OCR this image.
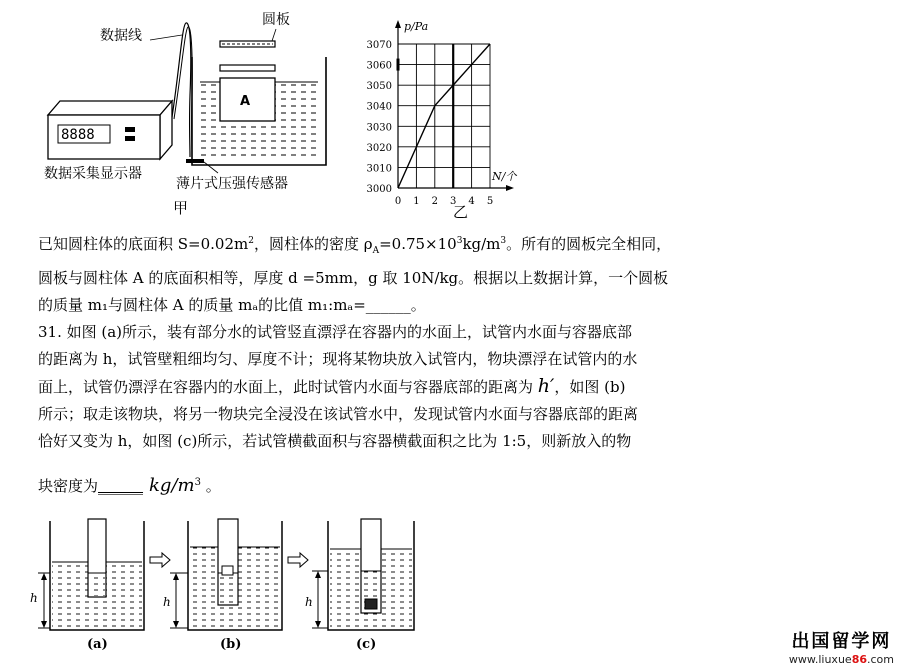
8888
A
数据线
圆板
数据采集显示器
薄片式压强传感器
甲
3000
3010
3020
3030
3040
3050
3060
3070
0 1 2 3 4 5
p/Pa
N/个
乙

已知圆柱体的底面积 $S=0.02m^2$，圆柱体的密度 $\rho_A=0.75\times 10^3kg/m^3$。所有的圆板完全相同，

圆板与圆柱体 A 的底面积相等，厚度 d =5mm，g 取 10N/kg。根据以上数据计算，一个圆板

的质量 m₁与圆柱体 A 的质量 mₐ的比值 m₁:mₐ=______。

31. 如图 (a)所示，装有部分水的试管竖直漂浮在容器内的水面上，试管内水面与容器底部

的距离为 h，试管壁粗细均匀、厚度不计；现将某物块放入试管内，物块漂浮在试管内的水

面上，试管仍漂浮在容器内的水面上，此时试管内水面与容器底部的距离为 h′，如图 (b)

所示；取走该物块，将另一物块完全浸没在该试管水中，发现试管内水面与容器底部的距离

恰好又变为 h，如图 (c)所示，若试管横截面积与容器横截面积之比为 1:5，则新放入的物

块密度为______ $kg/m^3$ 。

h	h	h
(a)	(b)	(c)	出国留学网
www.liuxue86.com
